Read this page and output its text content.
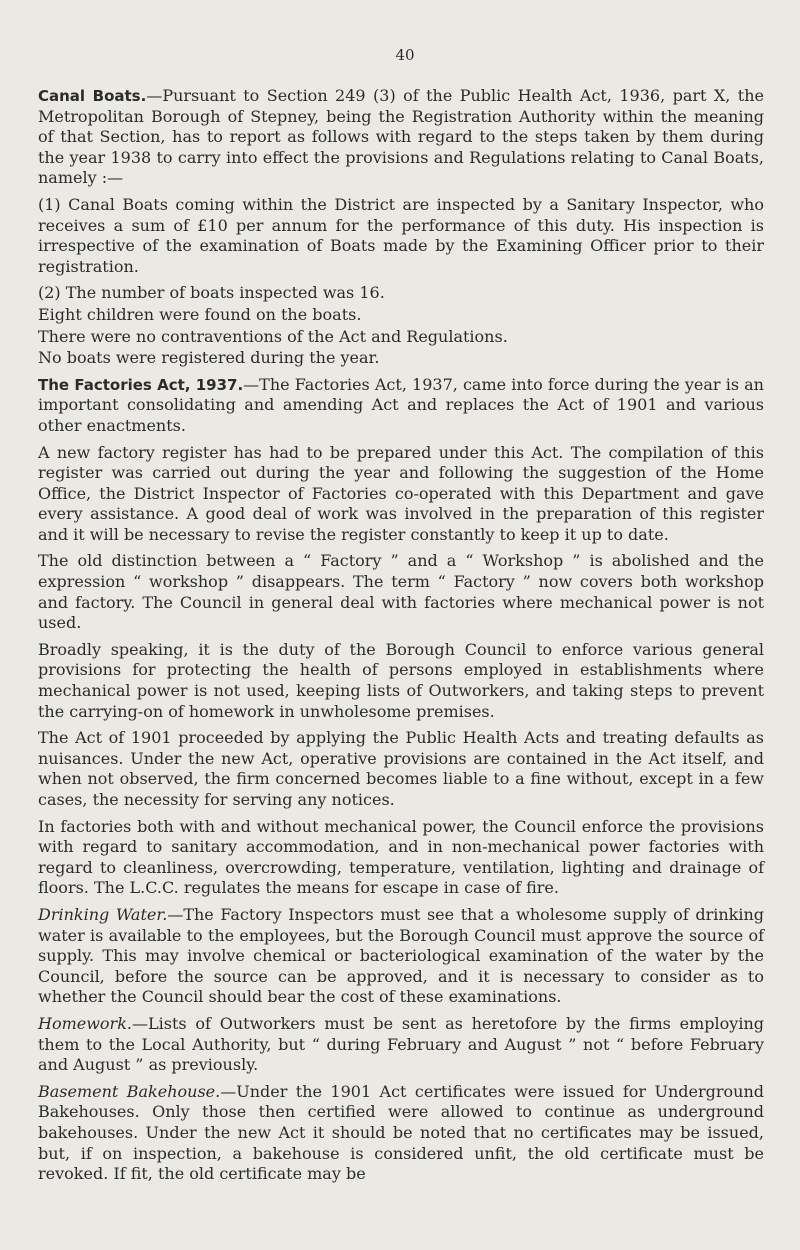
40

Canal Boats.—Pursuant to Section 249 (3) of the Public Health Act, 1936, part X, the Metropolitan Borough of Stepney, being the Registration Authority within the meaning of that Section, has to report as follows with regard to the steps taken by them during the year 1938 to carry into effect the provisions and Regulations relating to Canal Boats, namely :—

(1) Canal Boats coming within the District are inspected by a Sanitary Inspector, who receives a sum of £10 per annum for the performance of this duty. His inspection is irrespective of the examination of Boats made by the Examining Officer prior to their registration.

(2) The number of boats inspected was 16.

Eight children were found on the boats.

There were no contraventions of the Act and Regulations.

No boats were registered during the year.

The Factories Act, 1937.—The Factories Act, 1937, came into force during the year is an important consolidating and amending Act and replaces the Act of 1901 and various other enactments.

A new factory register has had to be prepared under this Act. The compilation of this register was carried out during the year and following the suggestion of the Home Office, the District Inspector of Factories co-operated with this Department and gave every assistance. A good deal of work was involved in the preparation of this register and it will be necessary to revise the register constantly to keep it up to date.

The old distinction between a “ Factory ” and a “ Workshop ” is abolished and the expression “ workshop ” disappears. The term “ Factory ” now covers both workshop and factory. The Council in general deal with factories where mechanical power is not used.

Broadly speaking, it is the duty of the Borough Council to enforce various general provisions for protecting the health of persons employed in establishments where mechanical power is not used, keeping lists of Outworkers, and taking steps to prevent the carrying-on of homework in unwholesome premises.

The Act of 1901 proceeded by applying the Public Health Acts and treating defaults as nuisances. Under the new Act, operative provisions are contained in the Act itself, and when not observed, the firm concerned becomes liable to a fine without, except in a few cases, the necessity for serving any notices.

In factories both with and without mechanical power, the Council enforce the provisions with regard to sanitary accommodation, and in non-mechanical power factories with regard to cleanliness, overcrowding, temperature, ventilation, lighting and drainage of floors. The L.C.C. regulates the means for escape in case of fire.

Drinking Water.—The Factory Inspectors must see that a wholesome supply of drinking water is available to the employees, but the Borough Council must approve the source of supply. This may involve chemical or bacteriological examination of the water by the Council, before the source can be approved, and it is necessary to consider as to whether the Council should bear the cost of these examinations.

Homework.—Lists of Outworkers must be sent as heretofore by the firms employing them to the Local Authority, but “ during February and August ” not “ before February and August ” as previously.

Basement Bakehouse.—Under the 1901 Act certificates were issued for Underground Bakehouses. Only those then certified were allowed to continue as underground bakehouses. Under the new Act it should be noted that no certificates may be issued, but, if on inspection, a bakehouse is considered unfit, the old certificate must be revoked. If fit, the old certificate may be
